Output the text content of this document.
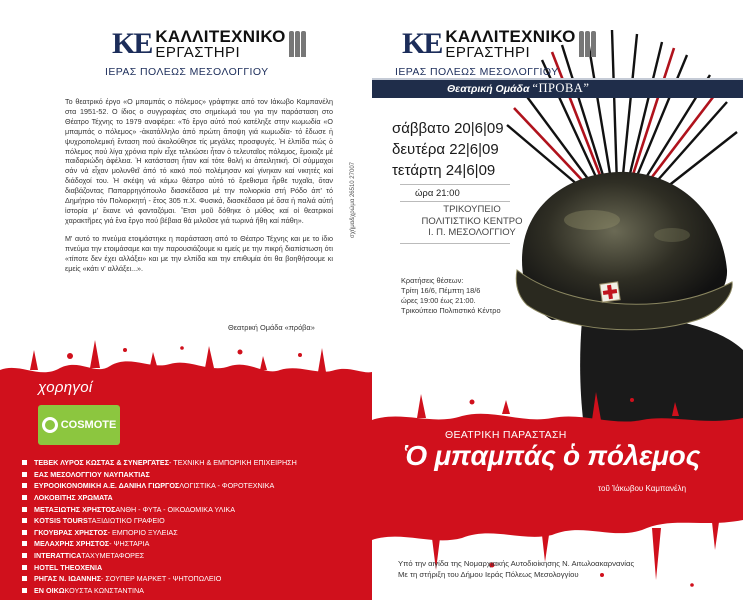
KE ΚΑΛΛΙΤΕΧΝΙΚΟ
ΕΡΓΑΣΤΗΡΙ
ΙΕΡΑΣ ΠΟΛΕΩΣ ΜΕΣΟΛΟΓΓΙΟΥ

Το θεατρικό έργο «Ο μπαμπάς ο πόλεμος» γράφτηκε από τον Ιάκωβο Καμπανέλη στα 1951-52. Ο ίδιος ο συγγραφέας στο σημείωμά του για την παράσταση στο Θέατρο Τέχνης το 1979 αναφέρει: «Τό ἔργο αὐτό πού κατέληξε στην κωμωδία «Ο μπαμπάς ο πόλεμος» -ἀκατάλληλο ἀπό πρώτη ἄποψη γιά κωμωδία- τό ἔδωσε ἡ ψυχροπολεμική ἔνταση πού ἀκολούθησε τίς μεγάλες προσφυγές. Ἡ ἐλπίδα πώς ὁ πόλεμος πού λίγα χρόνια πρίν εἶχε τελειώσει ἦταν ὁ τελευταῖος πόλεμος, ἔμοιαζε μέ παιδαριώδη ἀφέλεια. Ἡ κατάσταση ἦταν καί τότε θολή κι ἀπειλητική. Οἱ σύμμαχοι σάν νά εἶχαν μολυνθεῖ ἀπό τό κακό πού πολέμησαν καί γίνηκαν καί νικητές καί διάδοχοί του. Ἡ σκέψη νά κάμω θέατρο αὐτό τό ἔρεθισμα ἦρθε τυχαῖα, ὅταν διαβάζοντας Παπαρρηγόπουλο διασκέδασα μέ την πολιορκία στή Ρόδο ἀπ' τό Δημήτριο τόν Πολιορκητή - ἔτος 305 π.Χ. Φυσικά, διασκέδασα μέ ὅσα ἡ παλιά αὐτή ἱστορία μ' ἔκανε νά φανταζόμαι. Ἔτσι μοῦ δόθηκε ὁ μύθος καί οἱ θεατρικοί χαρακτῆρες γιά ἕνα ἔργο πού βέβαια θά μιλοῦσε γιά τωρινά ἤθη καί πάθη».

Μ' αυτό το πνεύμα ετοιμάστηκε η παράσταση από το Θέατρο Τέχνης και με το ίδιο πνεύμα την ετοιμάσαμε και την παρουσιάζουμε κι εμείς με την πικρή διαπίστωση ότι «τίποτε δεν έχει αλλάξει» και με την ελπίδα και την επιθυμία ότι θα βοηθήσουμε κι εμείς «κάτι ν' αλλάξει...».

Θεατρική Ομάδα «πρόβα»
χορηγοί
COSMOTE
ΤΕΒΕΚ ΛΥΡΟΣ ΚΩΣΤΑΣ & ΣΥΝΕΡΓΑΤΕΣ - ΤΕΧΝΙΚΗ & ΕΜΠΟΡΙΚΗ ΕΠΙΧΕΙΡΗΣΗ
ΕΑΣ ΜΕΣΟΛΟΓΓΙΟΥ ΝΑΥΠΑΚΤΙΑΣ
ΕΥΡΟΟΙΚΟΝΟΜΙΚΗ Α.Ε. ΔΑΝΙΗΛ ΓΙΩΡΓΟΣ ΛΟΓΙΣΤΙΚΑ - ΦΟΡΟΤΕΧΝΙΚΑ
ΛΟΚΟΒΙΤΗΣ ΧΡΩΜΑΤΑ
ΜΕΤΑΞΙΩΤΗΣ ΧΡΗΣΤΟΣ ΑΝΘΗ - ΦΥΤΑ - ΟΙΚΟΔΟΜΙΚΑ ΥΛΙΚΑ
KOTSIS TOURS ΤΑΞΙΔΙΩΤΙΚΟ ΓΡΑΦΕΙΟ
ΓΚΟΥΒΡΑΣ ΧΡΗΣΤΟΣ - ΕΜΠΟΡΙΟ ΞΥΛΕΙΑΣ
ΜΕΛΑΧΡΗΣ ΧΡΗΣΤΟΣ - ΨΗΣΤΑΡΙΑ
INTERATTICA ΤΑΧΥΜΕΤΑΦΟΡΕΣ
HOTEL THEOXENIA
ΡΗΓΑΣ Ν. ΙΩΑΝΝΗΣ - ΣΟΥΠΕΡ ΜΑΡΚΕΤ - ΨΗΤΟΠΩΛΕΙΟ
ΕΝ ΟΙΚΩ ΚΟΥΣΤΑ ΚΩΝΣΤΑΝΤΙΝΑ
σχήμα&χρώμα 26510 27007
KE ΚΑΛΛΙΤΕΧΝΙΚΟ
ΕΡΓΑΣΤΗΡΙ
ΙΕΡΑΣ ΠΟΛΕΩΣ ΜΕΣΟΛΟΓΓΙΟΥ
Θεατρική Ομάδα “ΠΡΟΒΑ”
σάββατο 20|6|09
δευτέρα 22|6|09
τετάρτη 24|6|09
ώρα 21:00
ΤΡΙΚΟΥΠΕΙΟ
ΠΟΛΙΤΙΣΤΙΚΟ ΚΕΝΤΡΟ
Ι. Π. ΜΕΣΟΛΟΓΓΙΟΥ
Κρατήσεις θέσεων:
Τρίτη 16/6, Πέμπτη 18/6
ώρες 19:00 έως 21:00.
Τρικούπειο Πολιτιστικό Κέντρο
ΘΕΑΤΡΙΚΗ ΠΑΡΑΣΤΑΣΗ
Ὁ μπαμπάς ὁ πόλεμος
τοῦ Ἰάκωβου Καμπανέλη
Υπό την αιγίδα της Νομαρχιακής Αυτοδιοίκησης Ν. Αιτωλοακαρνανίας
Με τη στήριξη του Δήμου Ιεράς Πόλεως Μεσολογγίου
